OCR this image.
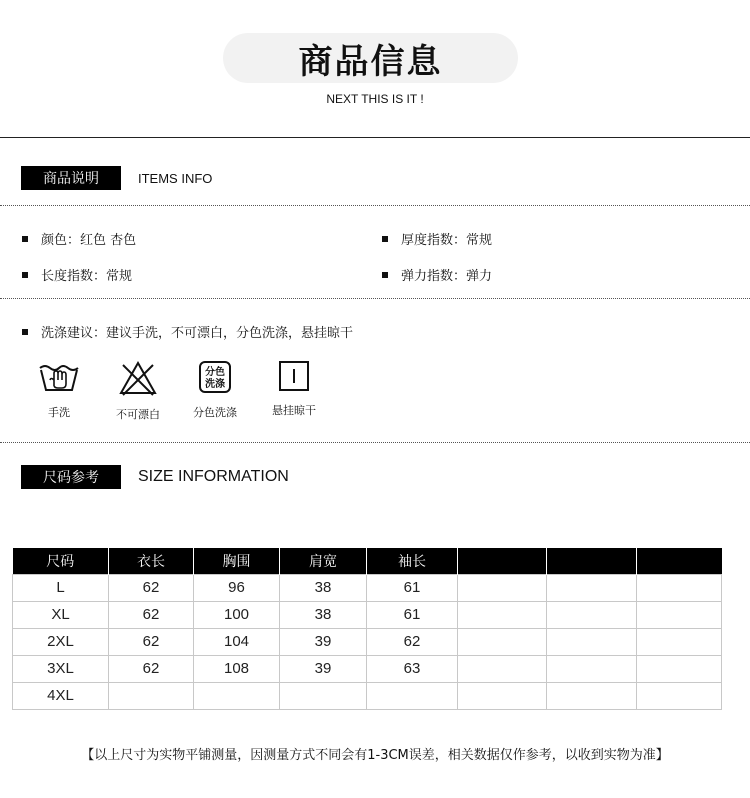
商品信息
NEXT THIS IS IT !
商品说明	ITEMS INFO
颜色：红色 杏色	厚度指数：常规
长度指数：常规	弹力指数：弹力
洗涤建议：建议手洗，不可漂白，分色洗涤，悬挂晾干
手洗	不可漂白
分色
洗涤
分色洗涤	悬挂晾干
尺码参考	SIZE INFORMATION
尺码	衣长	胸围	肩宽	袖长			
L	62	96	38	61			
XL	62	100	38	61			
2XL	62	104	39	62			
3XL	62	108	39	63			
4XL							
【以上尺寸为实物平铺测量，因测量方式不同会有1-3CM误差，相关数据仅作参考，以收到实物为准】
